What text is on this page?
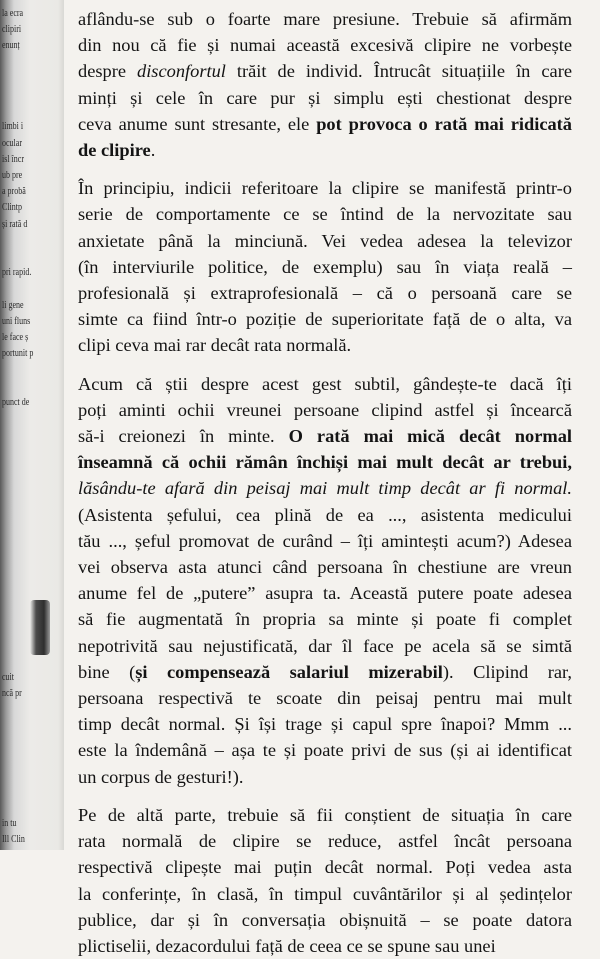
la ecra
clipiri
enunț
limbi i
ocular
isl încr
ub pre
a probă
Clintp
și rată d
pri rapid.
li gene
uni fluns
le face ș
portunit p
punct de
cuit
ncă pr
in tu
Ill Clin

aflându-se sub o foarte mare presiune. Trebuie să afirmăm
din nou că fie și numai această excesivă clipire ne vorbește
despre disconfortul trăit de individ. Întrucât situațiile în care
minți și cele în care pur și simplu ești chestionat despre
ceva anume sunt stresante, ele pot provoca o rată mai ridicată
de clipire.

În principiu, indicii referitoare la clipire se manifestă printr-o
serie de comportamente ce se întind de la nervozitate sau
anxietate până la minciună. Vei vedea adesea la televizor
(în interviurile politice, de exemplu) sau în viața reală –
profesională și extraprofesională – că o persoană care se
simte ca fiind într-o poziție de superioritate față de o alta, va
clipi ceva mai rar decât rata normală.

Acum că știi despre acest gest subtil, gândește-te dacă îți
poți aminti ochii vreunei persoane clipind astfel și încearcă
să-i creionezi în minte. O rată mai mică decât normal
înseamnă că ochii rămân închiși mai mult decât ar trebui,
lăsându-te afară din peisaj mai mult timp decât ar fi normal.
(Asistenta șefului, cea plină de ea ..., asistenta medicului
tău ..., șeful promovat de curând – îți amintești acum?) Adesea
vei observa asta atunci când persoana în chestiune are vreun
anume fel de „putere” asupra ta. Această putere poate adesea
să fie augmentată în propria sa minte și poate fi complet
nepotrivită sau nejustificată, dar îl face pe acela să se simtă
bine (și compensează salariul mizerabil). Clipind rar,
persoana respectivă te scoate din peisaj pentru mai mult
timp decât normal. Și își trage și capul spre înapoi? Mmm ...
este la îndemână – așa te și poate privi de sus (și ai identificat
un corpus de gesturi!).

Pe de altă parte, trebuie să fii conștient de situația în care
rata normală de clipire se reduce, astfel încât persoana
respectivă clipește mai puțin decât normal. Poți vedea asta
la conferințe, în clasă, în timpul cuvântărilor și al ședințelor
publice, dar și în conversația obișnuită – se poate datora
plictiselii, dezacordului față de ceea ce se spune sau unei
